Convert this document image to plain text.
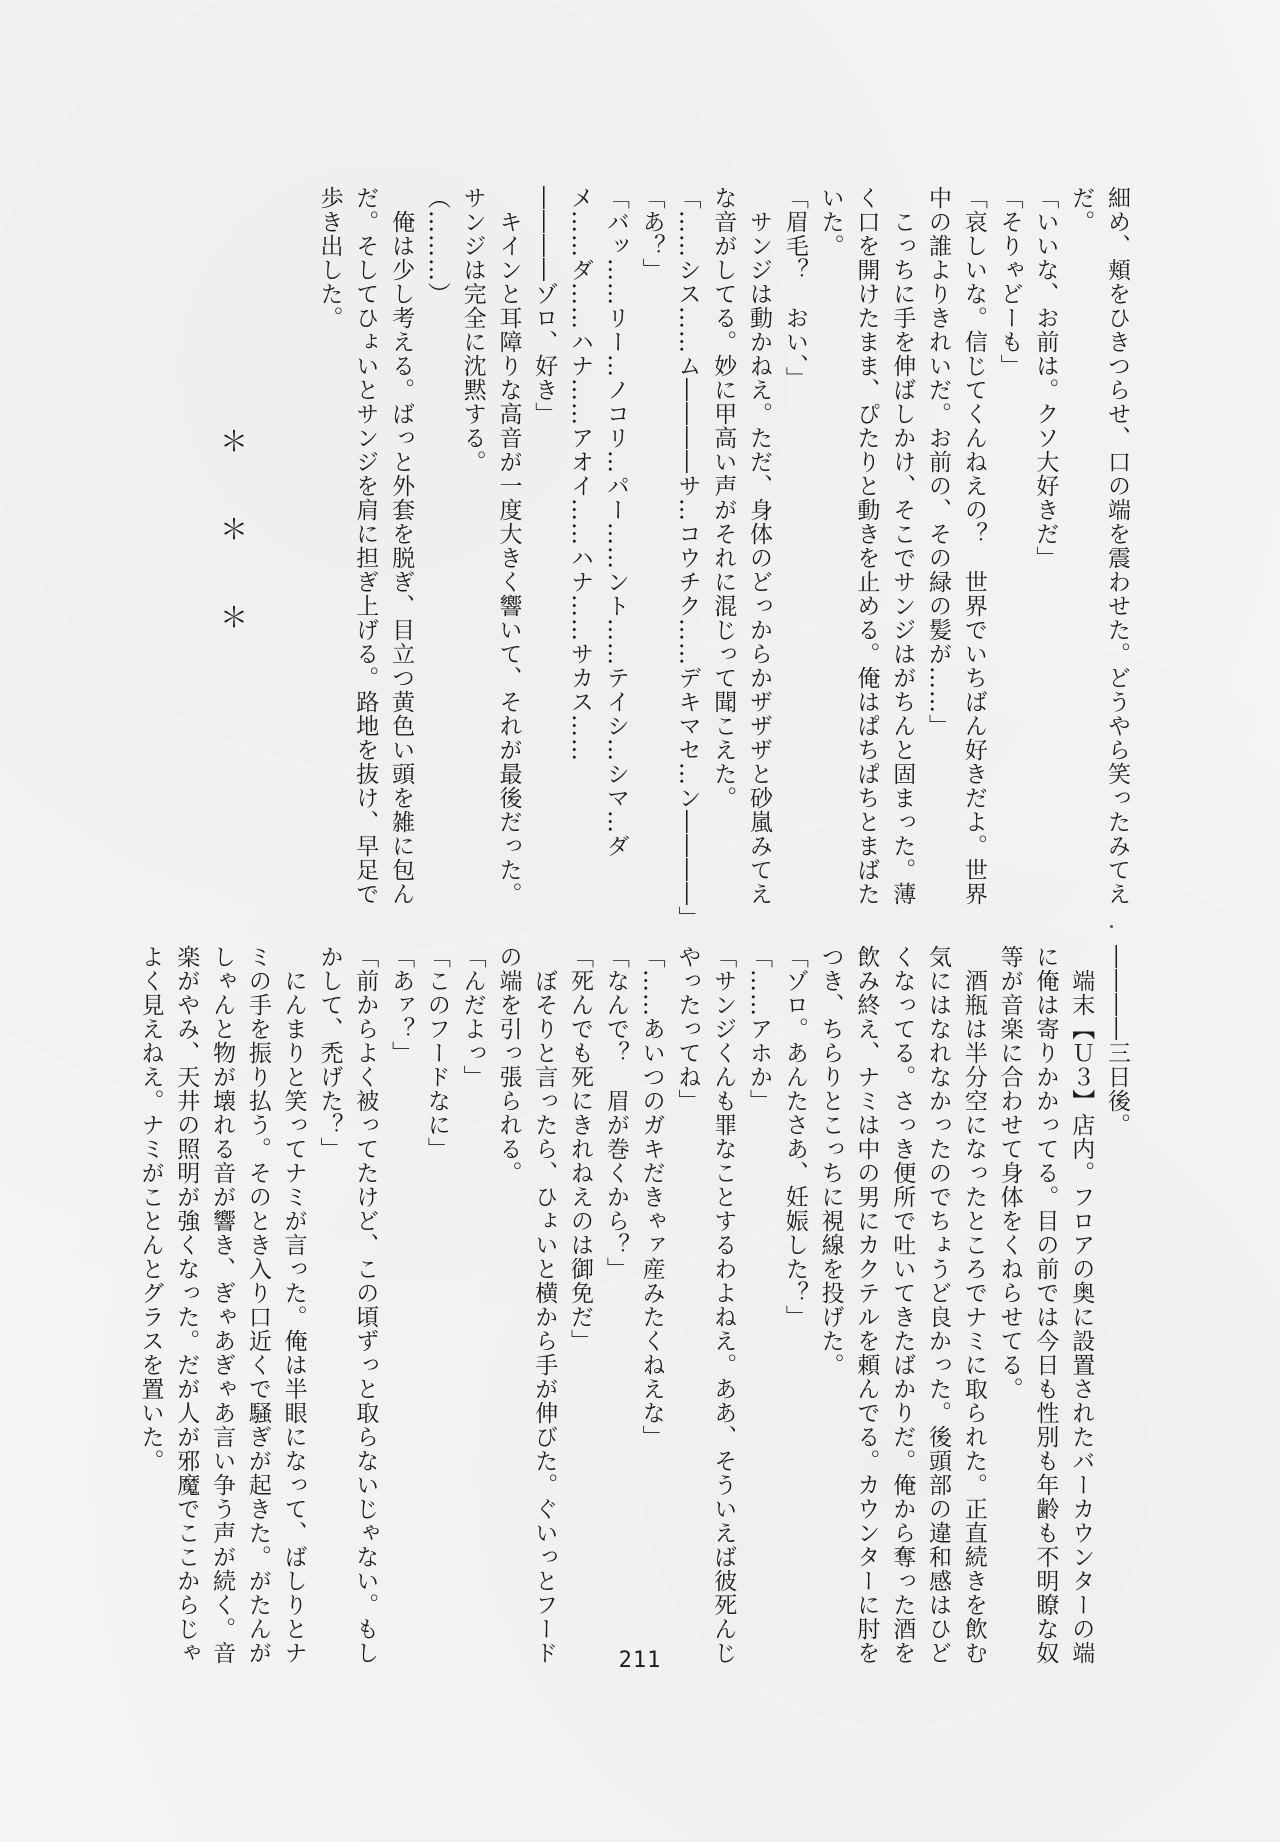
細め、頬をひきつらせ、口の端を震わせた。どうやら笑ったみてえ
だ。
「いいな、お前は。クソ大好きだ」
「そりゃどーも」
「哀しいな。信じてくんねえの？　世界でいちばん好きだよ。世界
中の誰よりきれいだ。お前の、その緑の髪が……」
　こっちに手を伸ばしかけ、そこでサンジはがちんと固まった。薄
く口を開けたまま、ぴたりと動きを止める。俺はぱちぱちとまばた
いた。
「眉毛？　おい、」
　サンジは動かねえ。ただ、身体のどっからかザザザと砂嵐みてえ
な音がしてる。妙に甲高い声がそれに混じって聞こえた。
「……シス……ム――――サ…コウチク……デキマセ…ン――――」
「あ？」
「バッ……リー…ノコリ…パー……ント……テイシ…シマ…ダ
メ……ダ……ハナ……アオイ……ハナ……サカス……
――――ゾロ、好き」
　キインと耳障りな高音が一度大きく響いて、それが最後だった。
サンジは完全に沈黙する。
（………）
　俺は少し考える。ばっと外套を脱ぎ、目立つ黄色い頭を雑に包ん
だ。そしてひょいとサンジを肩に担ぎ上げる。路地を抜け、早足で
歩き出した。
＊
＊
＊
――――三日後。
　端末【Ｕ３】店内。フロアの奥に設置されたバーカウンターの端
に俺は寄りかかってる。目の前では今日も性別も年齢も不明瞭な奴
等が音楽に合わせて身体をくねらせてる。
　酒瓶は半分空になったところでナミに取られた。正直続きを飲む
気にはなれなかったのでちょうど良かった。後頭部の違和感はひど
くなってる。さっき便所で吐いてきたばかりだ。俺から奪った酒を
飲み終え、ナミは中の男にカクテルを頼んでる。カウンターに肘を
つき、ちらりとこっちに視線を投げた。
「ゾロ。あんたさあ、妊娠した？」
「……アホか」
「サンジくんも罪なことするわよねえ。ああ、そういえば彼死んじ
やったってね」
「……あいつのガキだきゃァ産みたくねえな」
「なんで？　眉が巻くから？」
「死んでも死にきれねえのは御免だ」
　ぼそりと言ったら、ひょいと横から手が伸びた。ぐいっとフード
の端を引っ張られる。
「んだよっ」
「このフードなに」
「あァ？」
「前からよく被ってたけど、この頃ずっと取らないじゃない。もし
かして、禿げた？」
　にんまりと笑ってナミが言った。俺は半眼になって、ばしりとナ
ミの手を振り払う。そのとき入り口近くで騒ぎが起きた。がたんが
しゃんと物が壊れる音が響き、ぎゃあぎゃあ言い争う声が続く。音
楽がやみ、天井の照明が強くなった。だが人が邪魔でここからじゃ
よく見えねえ。ナミがことんとグラスを置いた。
211
